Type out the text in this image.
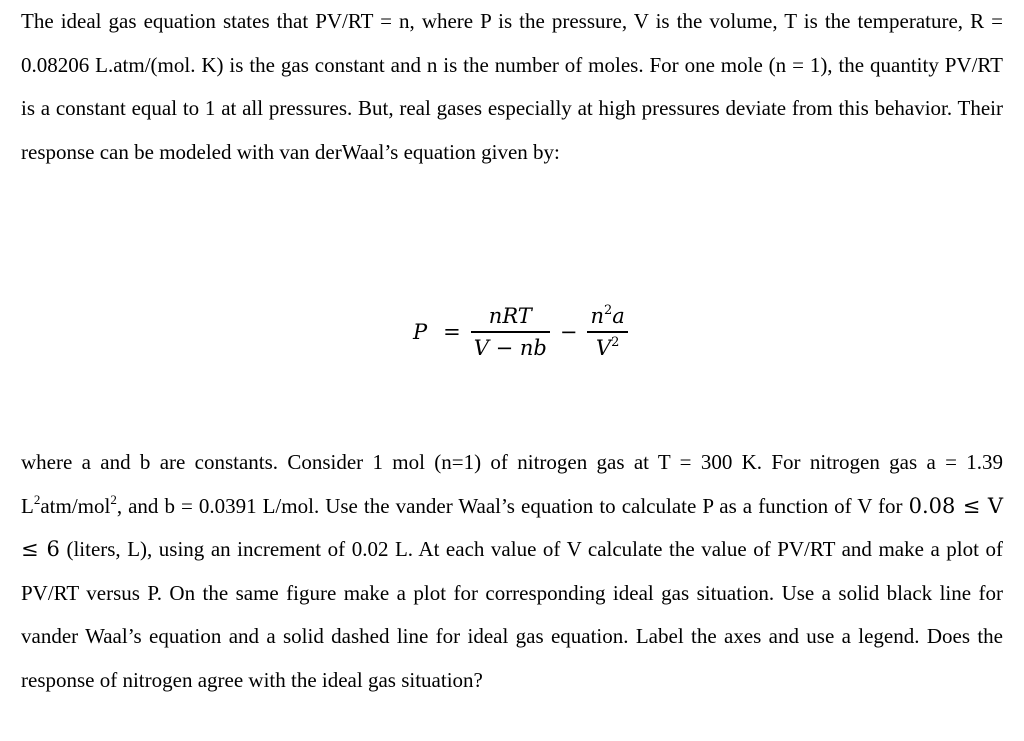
The ideal gas equation states that PV/RT = n, where P is the pressure, V is the volume, T is the temperature, R = 0.08206 L.atm/(mol. K) is the gas constant and n is the number of moles. For one mole (n = 1), the quantity PV/RT is a constant equal to 1 at all pressures. But, real gases especially at high pressures deviate from this behavior. Their response can be modeled with van derWaal’s equation given by:

$P = \frac{\text{nRT}}{V - nb} - \frac{n^2a}{V^2}$

where a and b are constants. Consider 1 mol (n=1) of nitrogen gas at T = 300 K. For nitrogen gas a = 1.39 $L^2atm/mol^2$, and b = 0.0391 L/mol. Use the vander Waal’s equation to calculate P as a function of V for 0.08 ≤ V ≤ 6 (liters, L), using an increment of 0.02 L. At each value of V calculate the value of PV/RT and make a plot of PV/RT versus P. On the same figure make a plot for corresponding ideal gas situation. Use a solid black line for vander Waal’s equation and a solid dashed line for ideal gas equation. Label the axes and use a legend. Does the response of nitrogen agree with the ideal gas situation?
